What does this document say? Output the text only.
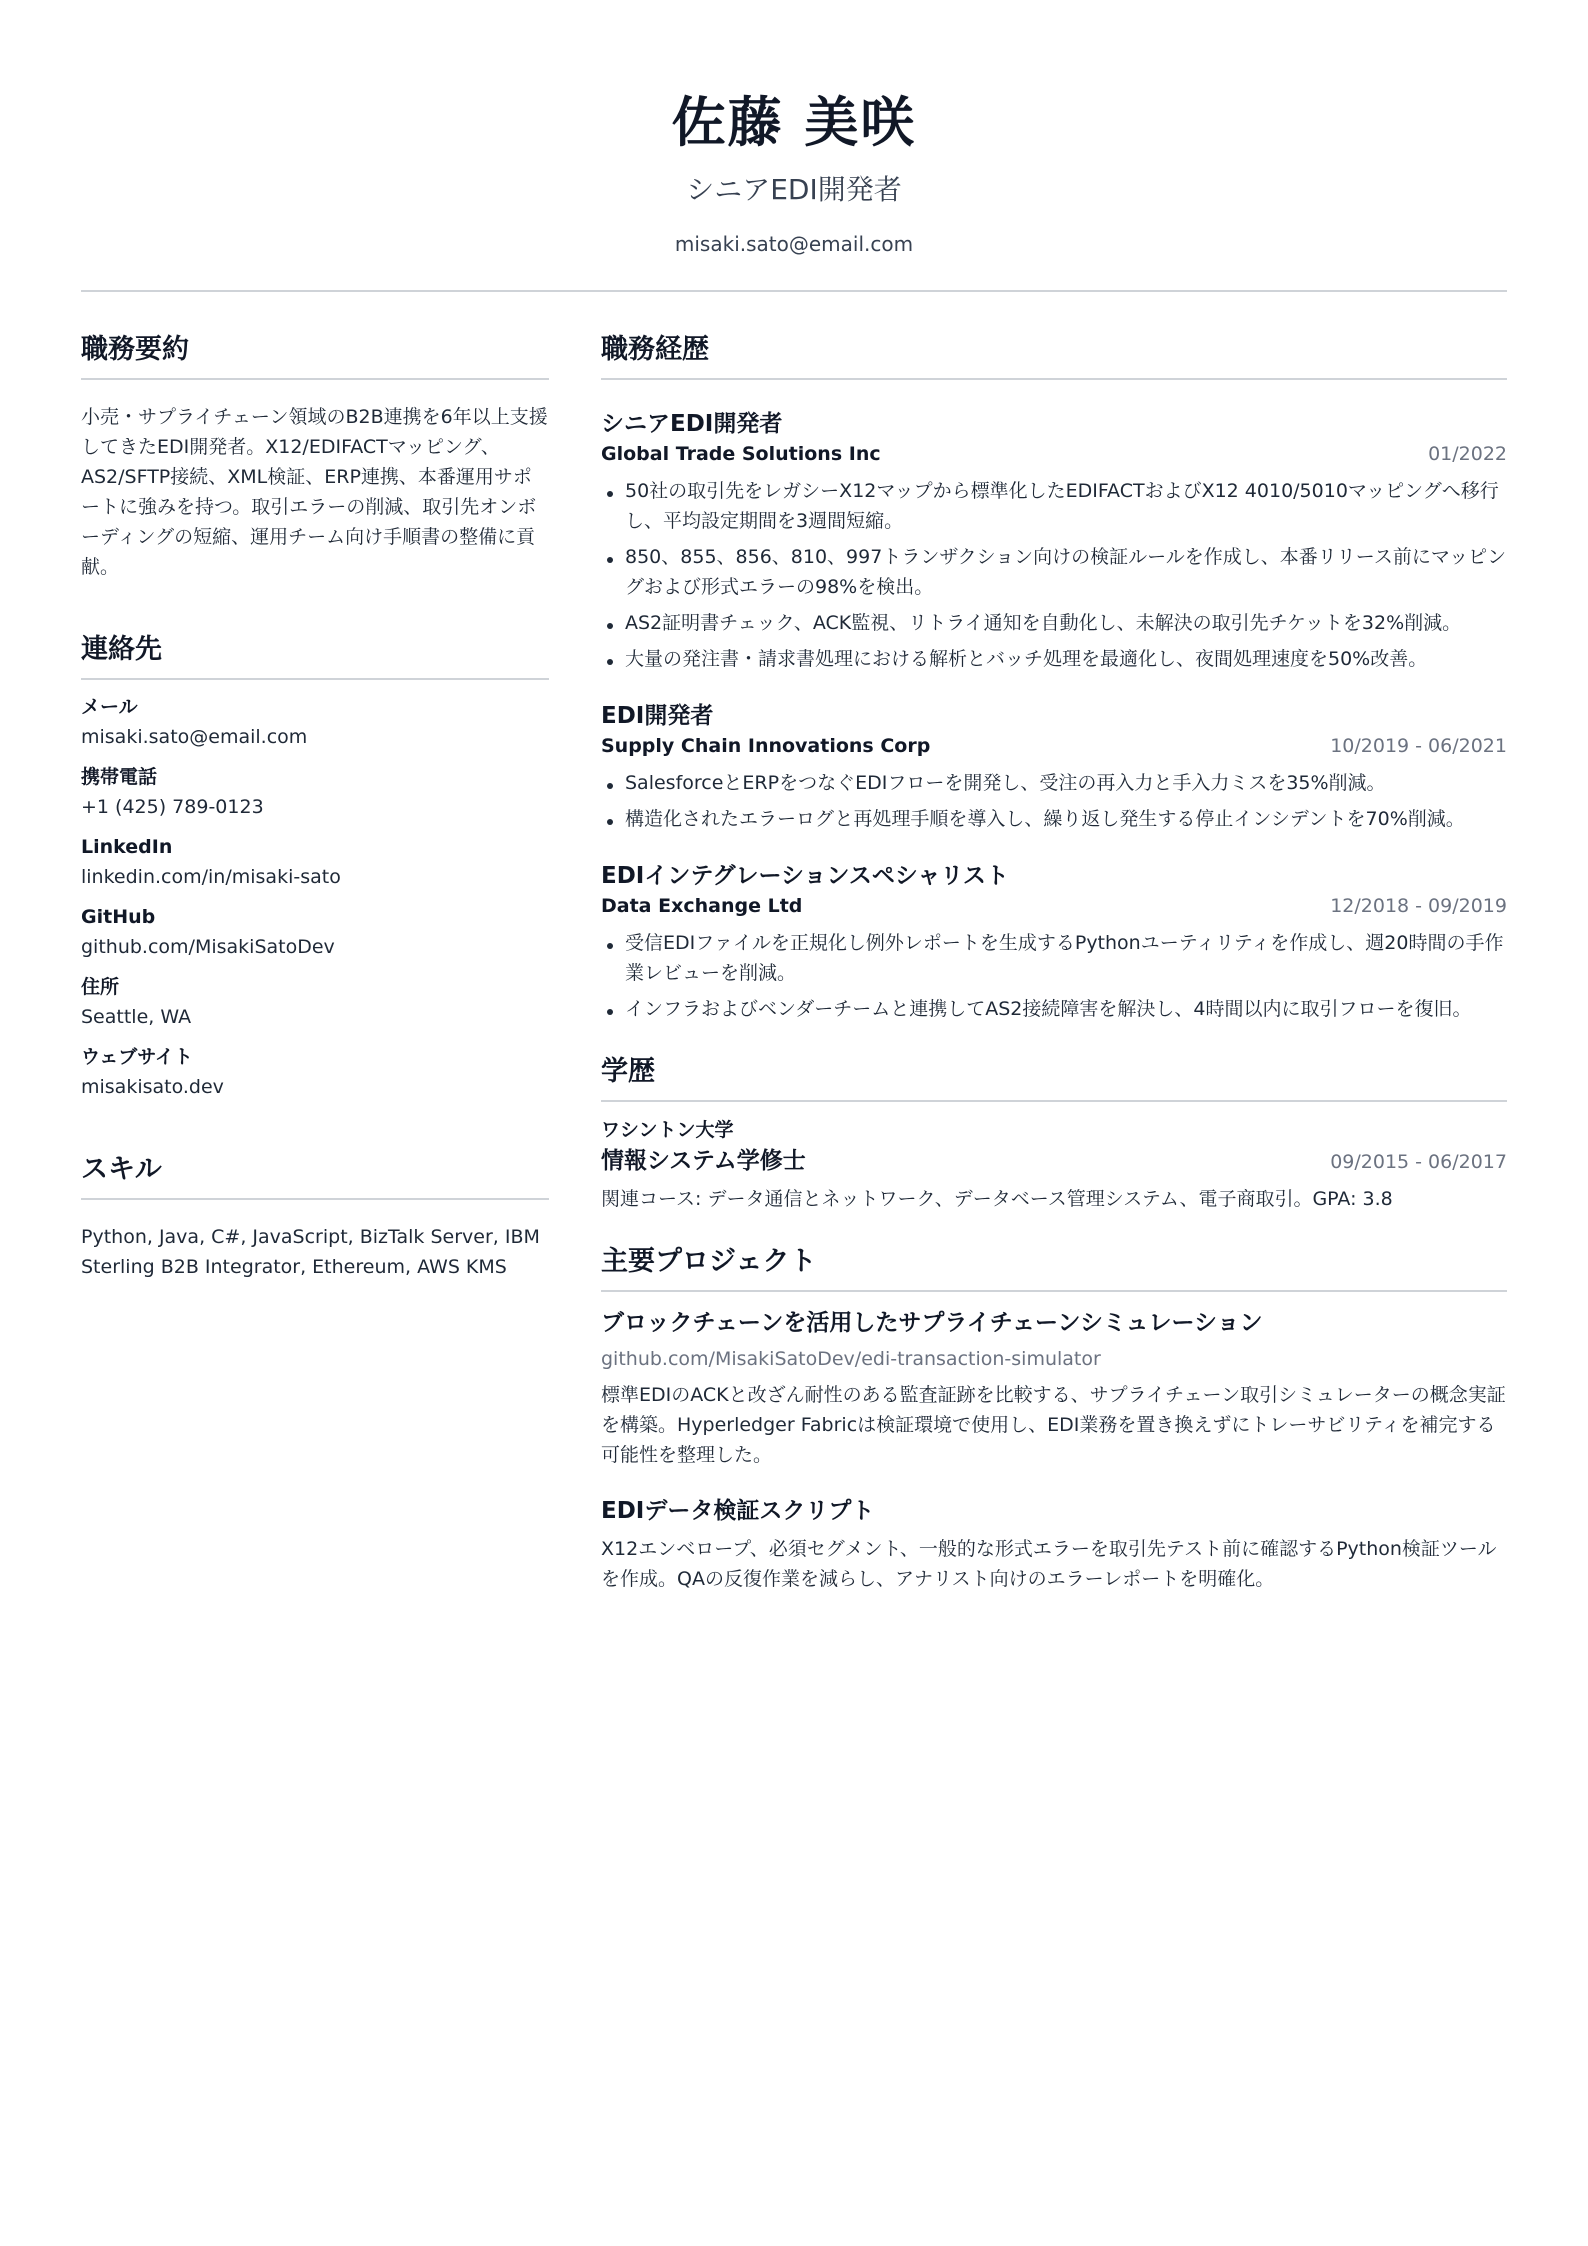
佐藤 美咲
シニアEDI開発者
misaki.sato@email.com
職務要約
小売・サプライチェーン領域のB2B連携を6年以上支援してきたEDI開発者。X12/EDIFACTマッピング、AS2/SFTP接続、XML検証、ERP連携、本番運用サポートに強みを持つ。取引エラーの削減、取引先オンボーディングの短縮、運用チーム向け手順書の整備に貢献。
連絡先
メール
misaki.sato@email.com
携帯電話
+1 (425) 789-0123
LinkedIn
linkedin.com/in/misaki-sato
GitHub
github.com/MisakiSatoDev
住所
Seattle, WA
ウェブサイト
misakisato.dev
スキル
Python, Java, C#, JavaScript, BizTalk Server, IBM Sterling B2B Integrator, Ethereum, AWS KMS
職務経歴
シニアEDI開発者
Global Trade Solutions Inc	01/2022
50社の取引先をレガシーX12マップから標準化したEDIFACTおよびX12 4010/5010マッピングへ移行し、平均設定期間を3週間短縮。
850、855、856、810、997トランザクション向けの検証ルールを作成し、本番リリース前にマッピングおよび形式エラーの98%を検出。
AS2証明書チェック、ACK監視、リトライ通知を自動化し、未解決の取引先チケットを32%削減。
大量の発注書・請求書処理における解析とバッチ処理を最適化し、夜間処理速度を50%改善。
EDI開発者
Supply Chain Innovations Corp	10/2019 - 06/2021
SalesforceとERPをつなぐEDIフローを開発し、受注の再入力と手入力ミスを35%削減。
構造化されたエラーログと再処理手順を導入し、繰り返し発生する停止インシデントを70%削減。
EDIインテグレーションスペシャリスト
Data Exchange Ltd	12/2018 - 09/2019
受信EDIファイルを正規化し例外レポートを生成するPythonユーティリティを作成し、週20時間の手作業レビューを削減。
インフラおよびベンダーチームと連携してAS2接続障害を解決し、4時間以内に取引フローを復旧。
学歴
ワシントン大学
情報システム学修士	09/2015 - 06/2017
関連コース: データ通信とネットワーク、データベース管理システム、電子商取引。GPA: 3.8
主要プロジェクト
ブロックチェーンを活用したサプライチェーンシミュレーション
github.com/MisakiSatoDev/edi-transaction-simulator
標準EDIのACKと改ざん耐性のある監査証跡を比較する、サプライチェーン取引シミュレーターの概念実証を構築。Hyperledger Fabricは検証環境で使用し、EDI業務を置き換えずにトレーサビリティを補完する可能性を整理した。
EDIデータ検証スクリプト
X12エンベロープ、必須セグメント、一般的な形式エラーを取引先テスト前に確認するPython検証ツールを作成。QAの反復作業を減らし、アナリスト向けのエラーレポートを明確化。
